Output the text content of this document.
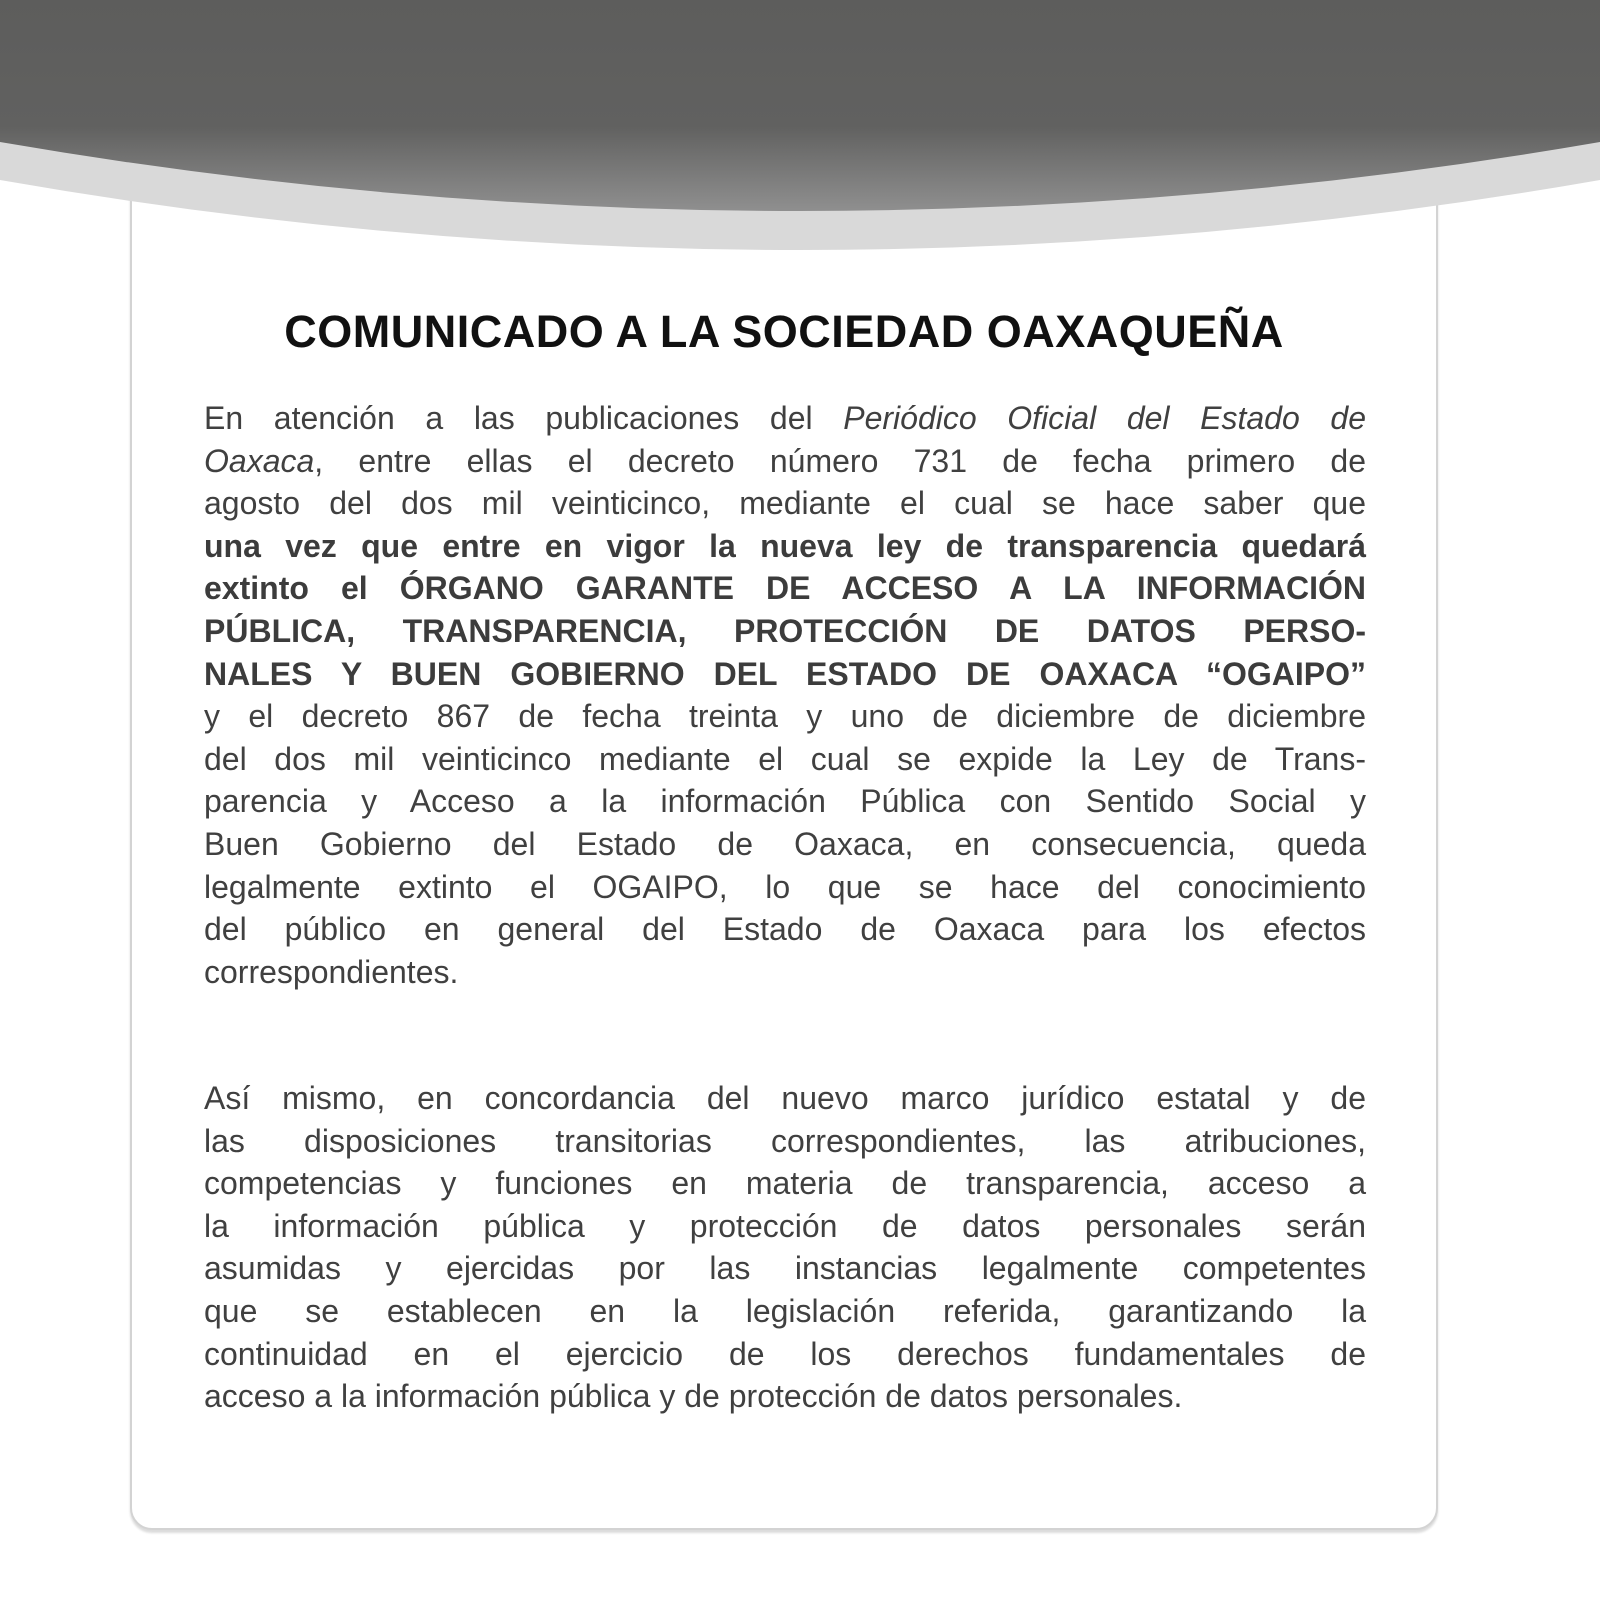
COMUNICADO A LA SOCIEDAD OAXAQUEÑA
En atención a las publicaciones del Periódico Oficial del Estado de
Oaxaca, entre ellas el decreto número 731 de fecha primero de
agosto del dos mil veinticinco, mediante el cual se hace saber que
una vez que entre en vigor la nueva ley de transparencia quedará
extinto el ÓRGANO GARANTE DE ACCESO A LA INFORMACIÓN
PÚBLICA, TRANSPARENCIA, PROTECCIÓN DE DATOS PERSO-
NALES Y BUEN GOBIERNO DEL ESTADO DE OAXACA “OGAIPO”
y el decreto 867 de fecha treinta y uno de diciembre de diciembre
del dos mil veinticinco mediante el cual se expide la Ley de Trans-
parencia y Acceso a la información Pública con Sentido Social y
Buen Gobierno del Estado de Oaxaca, en consecuencia, queda
legalmente extinto el OGAIPO, lo que se hace del conocimiento
del público en general del Estado de Oaxaca para los efectos
correspondientes.
Así mismo, en concordancia del nuevo marco jurídico estatal y de
las disposiciones transitorias correspondientes, las atribuciones,
competencias y funciones en materia de transparencia, acceso a
la información pública y protección de datos personales serán
asumidas y ejercidas por las instancias legalmente competentes
que se establecen en la legislación referida, garantizando la
continuidad en el ejercicio de los derechos fundamentales de
acceso a la información pública y de protección de datos personales.
